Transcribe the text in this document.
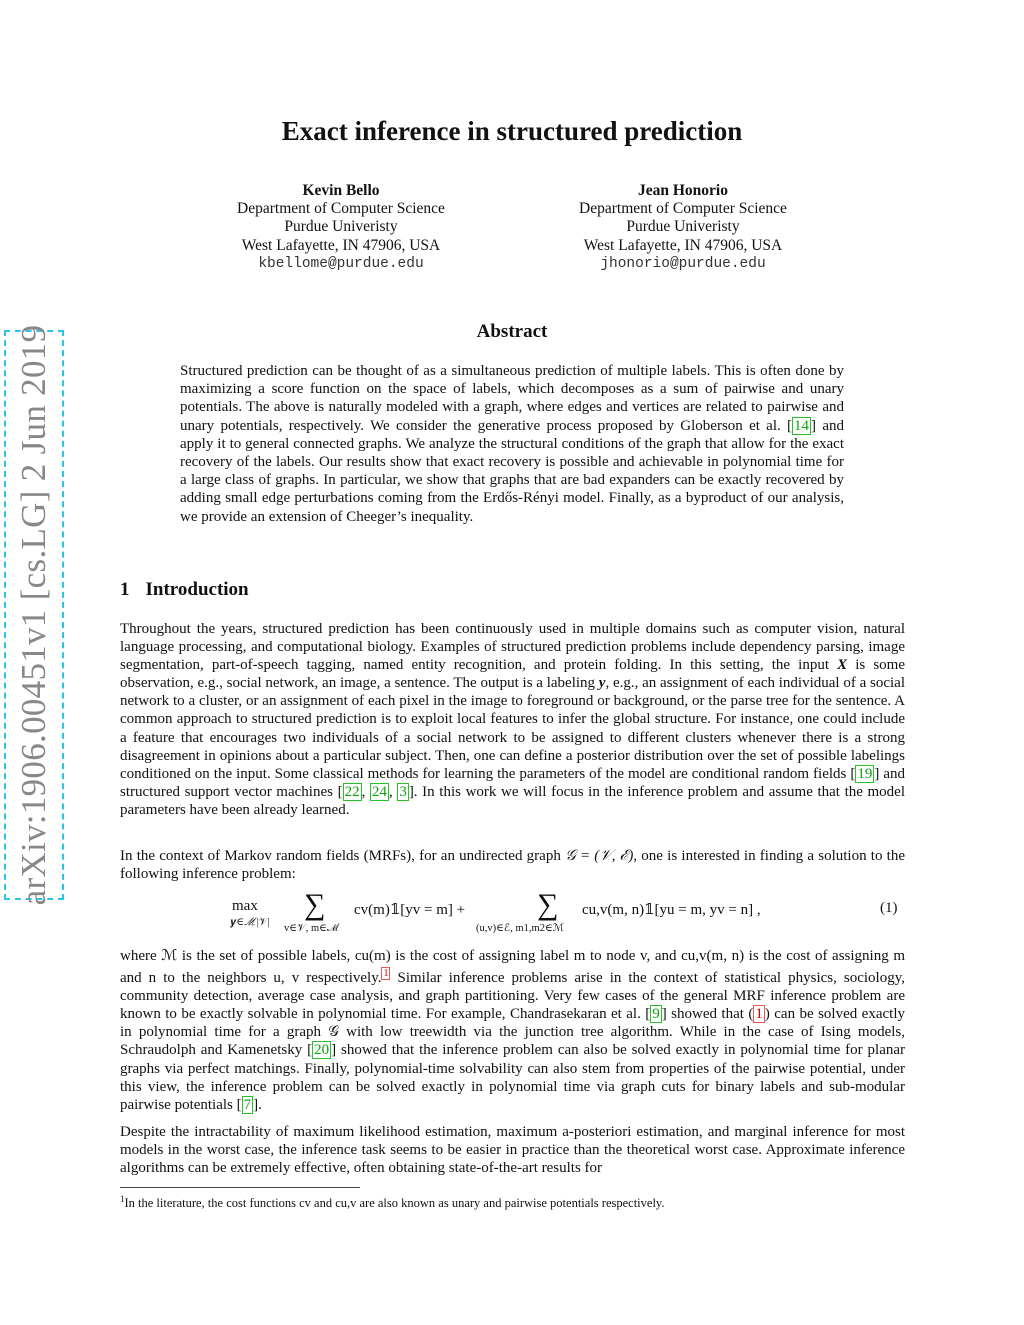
arXiv:1906.00451v1 [cs.LG] 2 Jun 2019
Exact inference in structured prediction
Kevin Bello
Department of Computer Science
Purdue Univeristy
West Lafayette, IN 47906, USA
kbellome@purdue.edu
Jean Honorio
Department of Computer Science
Purdue Univeristy
West Lafayette, IN 47906, USA
jhonorio@purdue.edu
Abstract
Structured prediction can be thought of as a simultaneous prediction of multiple labels. This is often done by maximizing a score function on the space of labels, which decomposes as a sum of pairwise and unary potentials. The above is naturally modeled with a graph, where edges and vertices are related to pairwise and unary potentials, respectively. We consider the generative process proposed by Globerson et al. [ 14 ] and apply it to general connected graphs. We analyze the structural conditions of the graph that allow for the exact recovery of the labels. Our results show that exact recovery is possible and achievable in polynomial time for a large class of graphs. In particular, we show that graphs that are bad expanders can be exactly recovered by adding small edge perturbations coming from the Erdős-Rényi model. Finally, as a byproduct of our analysis, we provide an extension of Cheeger’s inequality.
1 Introduction
Throughout the years, structured prediction has been continuously used in multiple domains such as computer vision, natural language processing, and computational biology. Examples of structured prediction problems include dependency parsing, image segmentation, part-of-speech tagging, named entity recognition, and protein folding. In this setting, the input X is some observation, e.g., social network, an image, a sentence. The output is a labeling y, e.g., an assignment of each individual of a social network to a cluster, or an assignment of each pixel in the image to foreground or background, or the parse tree for the sentence. A common approach to structured prediction is to exploit local features to infer the global structure. For instance, one could include a feature that encourages two individuals of a social network to be assigned to different clusters whenever there is a strong disagreement in opinions about a particular subject. Then, one can define a posterior distribution over the set of possible labelings conditioned on the input. Some classical methods for learning the parameters of the model are conditional random fields [ 19 ] and structured support vector machines [ 22 , 24 , 3 ]. In this work we will focus in the inference problem and assume that the model parameters have been already learned.
In the context of Markov random fields (MRFs), for an undirected graph 𝒢 = (𝒱, ℰ), one is interested in finding a solution to the following inference problem:
max
𝒚∈ℳ|𝒱|
∑
v∈𝒱, m∈ℳ
cv(m)𝟙[yv = m] + ∑
(u,v)∈ℰ, m1,m2∈ℳ
cu,v(m, n)𝟙[yu = m, yv = n] ,	(1)
where ℳ is the set of possible labels, cu(m) is the cost of assigning label m to node v, and cu,v(m, n) is the cost of assigning m and n to the neighbors u, v respectively. $^1$ Similar inference problems arise in the context of statistical physics, sociology, community detection, average case analysis, and graph partitioning. Very few cases of the general MRF inference problem are known to be exactly solvable in polynomial time. For example, Chandrasekaran et al. [ 9 ] showed that ( 1 ) can be solved exactly in polynomial time for a graph 𝒢 with low treewidth via the junction tree algorithm. While in the case of Ising models, Schraudolph and Kamenetsky [ 20 ] showed that the inference problem can also be solved exactly in polynomial time for planar graphs via perfect matchings. Finally, polynomial-time solvability can also stem from properties of the pairwise potential, under this view, the inference problem can be solved exactly in polynomial time via graph cuts for binary labels and sub-modular pairwise potentials [ 7 ].
Despite the intractability of maximum likelihood estimation, maximum a-posteriori estimation, and marginal inference for most models in the worst case, the inference task seems to be easier in practice than the theoretical worst case. Approximate inference algorithms can be extremely effective, often obtaining state-of-the-art results for
$^1$In the literature, the cost functions cv and cu,v are also known as unary and pairwise potentials respectively.
